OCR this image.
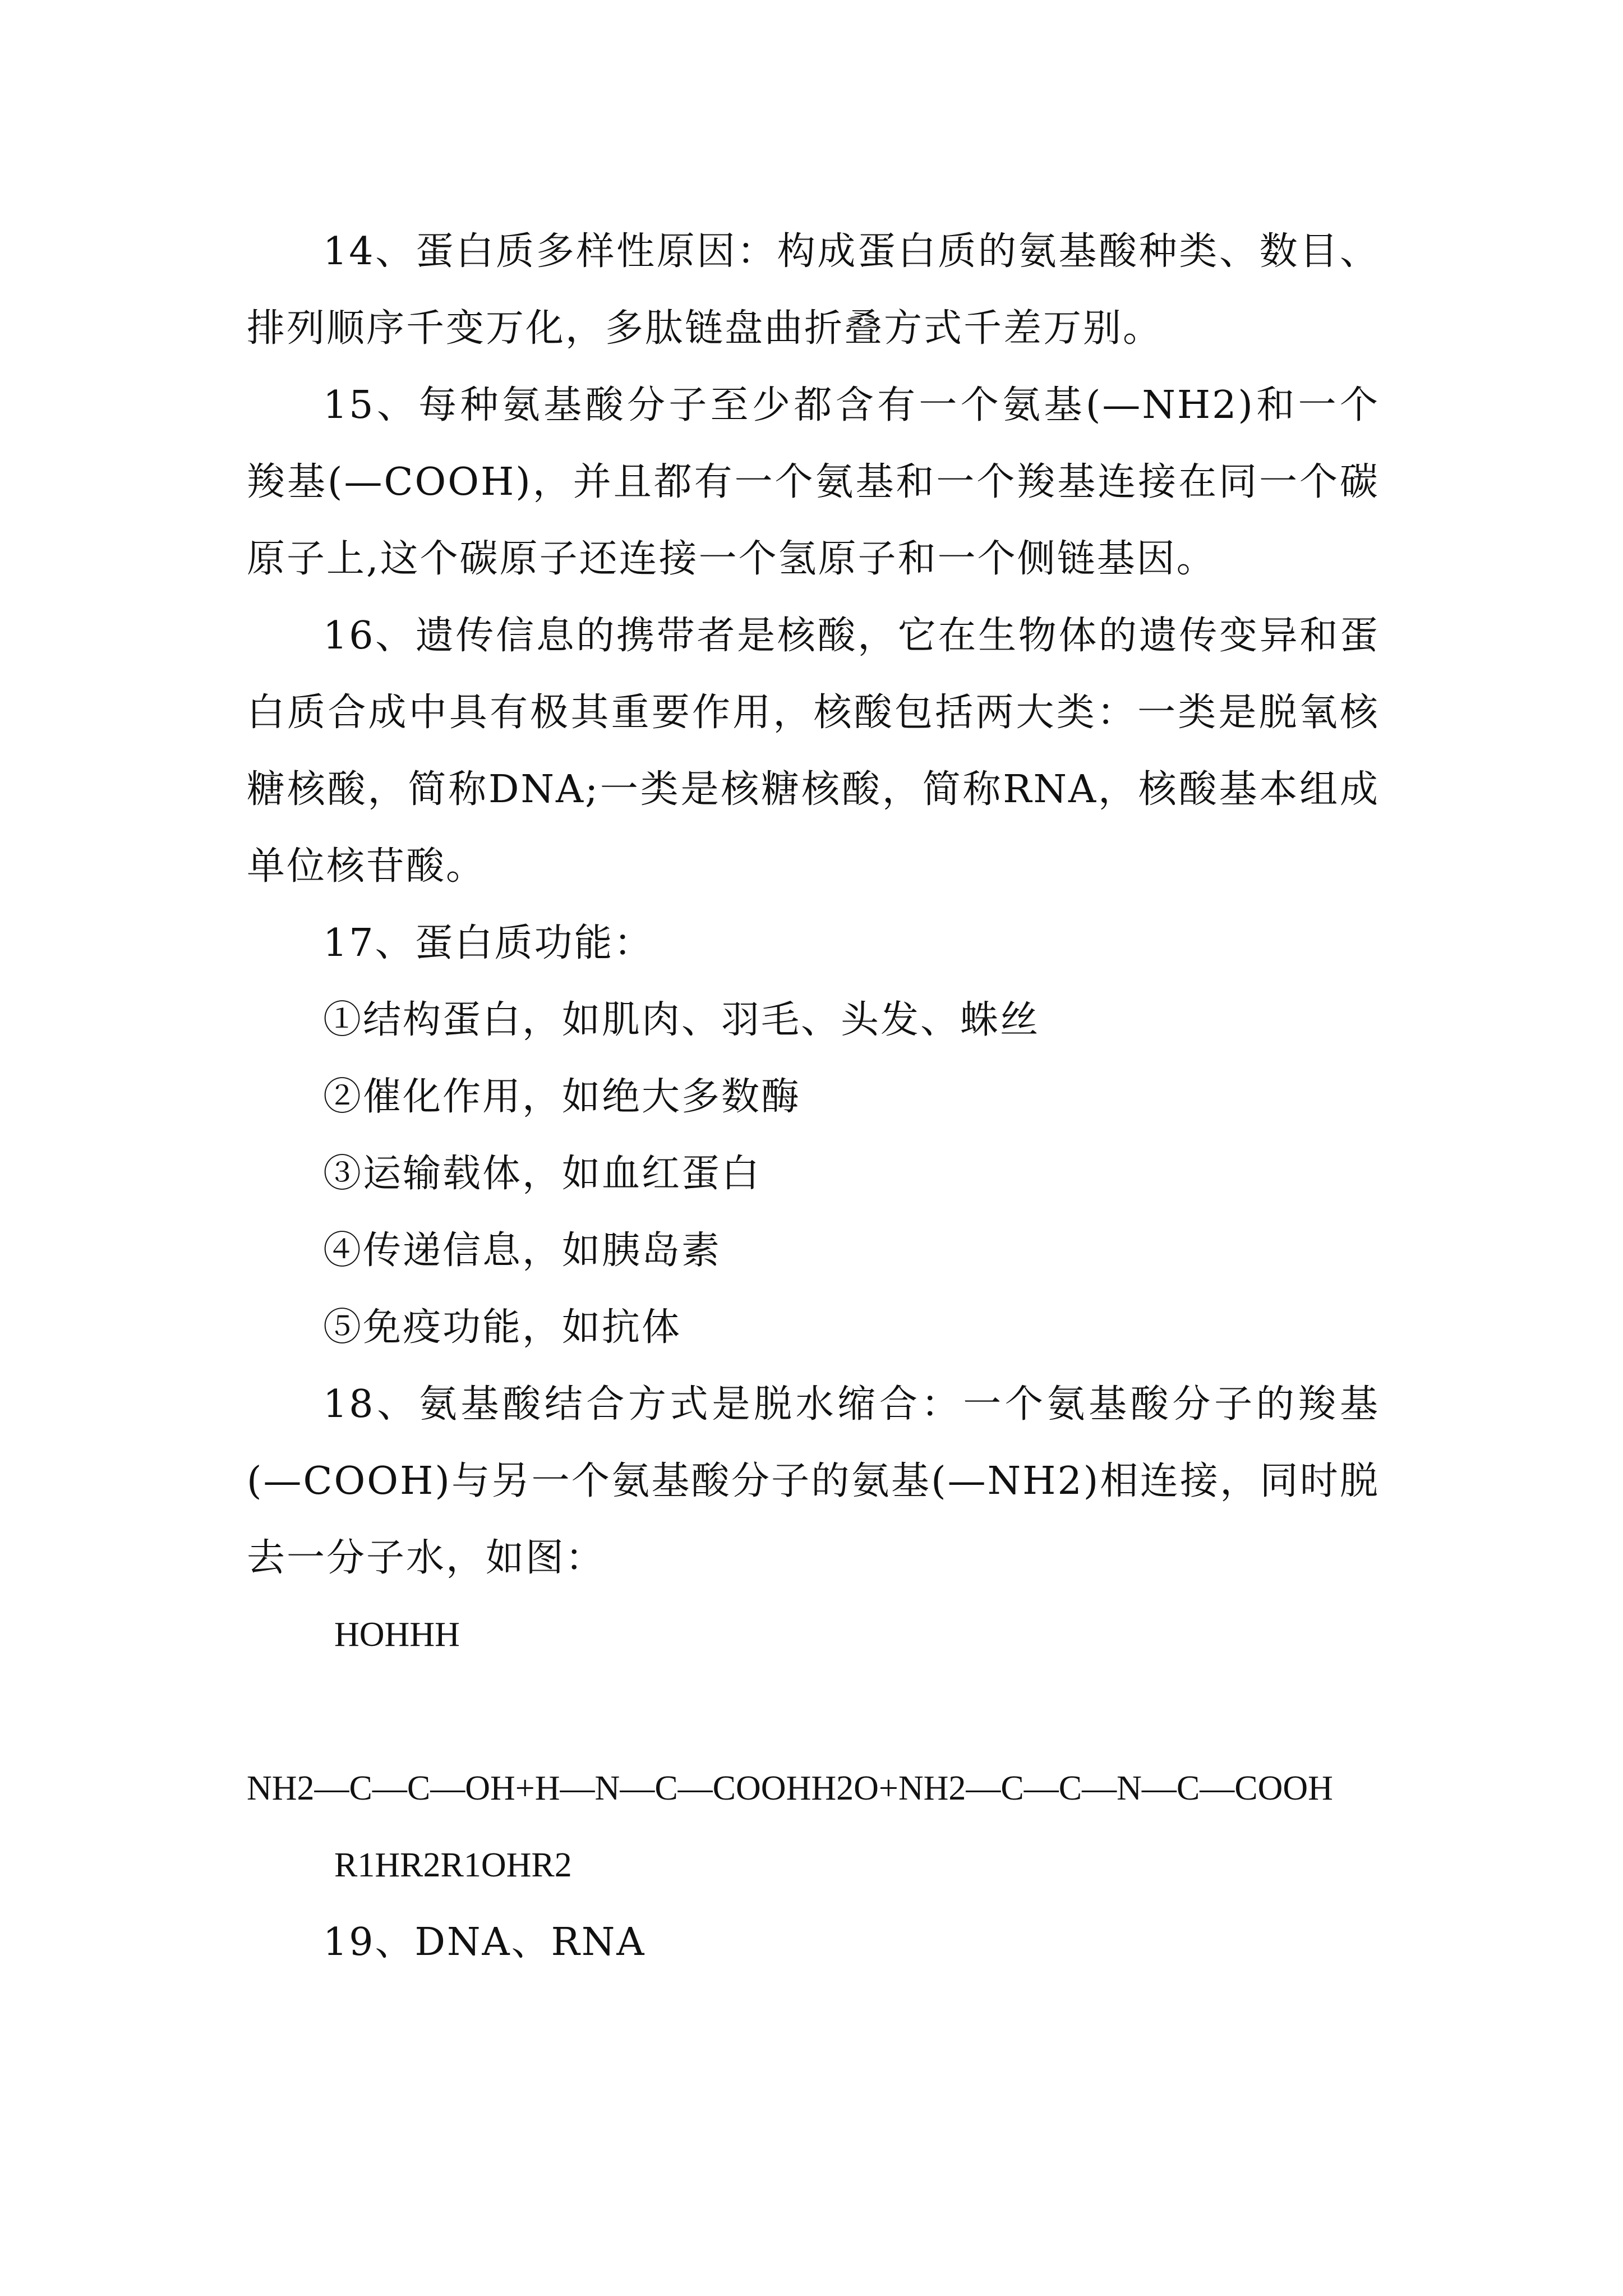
14、蛋白质多样性原因：构成蛋白质的氨基酸种类、数目、排列顺序千变万化，多肽链盘曲折叠方式千差万别。

15、每种氨基酸分子至少都含有一个氨基(—NH2)和一个羧基(—COOH)，并且都有一个氨基和一个羧基连接在同一个碳原子上,这个碳原子还连接一个氢原子和一个侧链基因。

16、遗传信息的携带者是核酸，它在生物体的遗传变异和蛋白质合成中具有极其重要作用，核酸包括两大类：一类是脱氧核糖核酸，简称DNA;一类是核糖核酸，简称RNA，核酸基本组成单位核苷酸。

17、蛋白质功能：

①结构蛋白，如肌肉、羽毛、头发、蛛丝

②催化作用，如绝大多数酶

③运输载体，如血红蛋白

④传递信息，如胰岛素

⑤免疫功能，如抗体

18、氨基酸结合方式是脱水缩合：一个氨基酸分子的羧基(—COOH)与另一个氨基酸分子的氨基(—NH2)相连接，同时脱去一分子水，如图：

HOHHH

NH2—C—C—OH+H—N—C—COOHH2O+NH2—C—C—N—C—COOH

R1HR2R1OHR2

19、DNA、RNA
